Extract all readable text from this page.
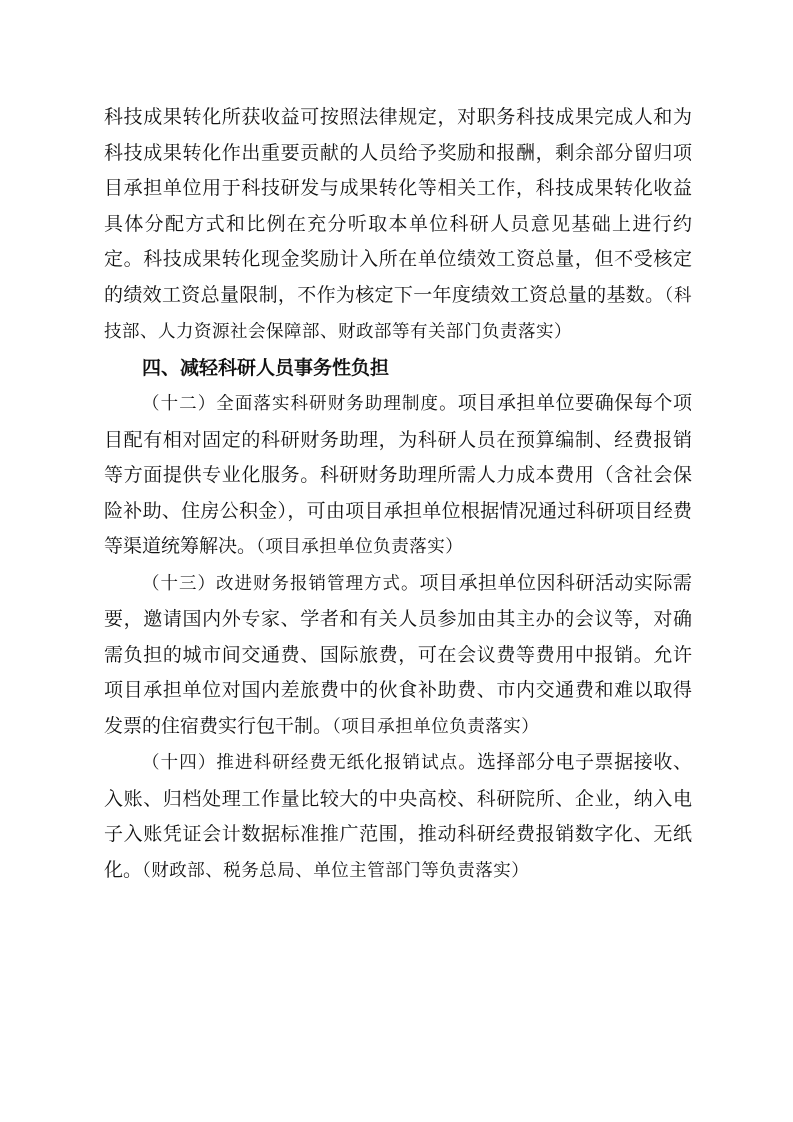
科技成果转化所获收益可按照法律规定，对职务科技成果完成人和为科技成果转化作出重要贡献的人员给予奖励和报酬，剩余部分留归项目承担单位用于科技研发与成果转化等相关工作，科技成果转化收益具体分配方式和比例在充分听取本单位科研人员意见基础上进行约定。科技成果转化现金奖励计入所在单位绩效工资总量，但不受核定的绩效工资总量限制，不作为核定下一年度绩效工资总量的基数。（科技部、人力资源社会保障部、财政部等有关部门负责落实）

四、减轻科研人员事务性负担

（十二）全面落实科研财务助理制度。项目承担单位要确保每个项目配有相对固定的科研财务助理，为科研人员在预算编制、经费报销等方面提供专业化服务。科研财务助理所需人力成本费用（含社会保险补助、住房公积金），可由项目承担单位根据情况通过科研项目经费等渠道统筹解决。（项目承担单位负责落实）

（十三）改进财务报销管理方式。项目承担单位因科研活动实际需要，邀请国内外专家、学者和有关人员参加由其主办的会议等，对确需负担的城市间交通费、国际旅费，可在会议费等费用中报销。允许项目承担单位对国内差旅费中的伙食补助费、市内交通费和难以取得发票的住宿费实行包干制。（项目承担单位负责落实）

（十四）推进科研经费无纸化报销试点。选择部分电子票据接收、入账、归档处理工作量比较大的中央高校、科研院所、企业，纳入电子入账凭证会计数据标准推广范围，推动科研经费报销数字化、无纸化。（财政部、税务总局、单位主管部门等负责落实）
